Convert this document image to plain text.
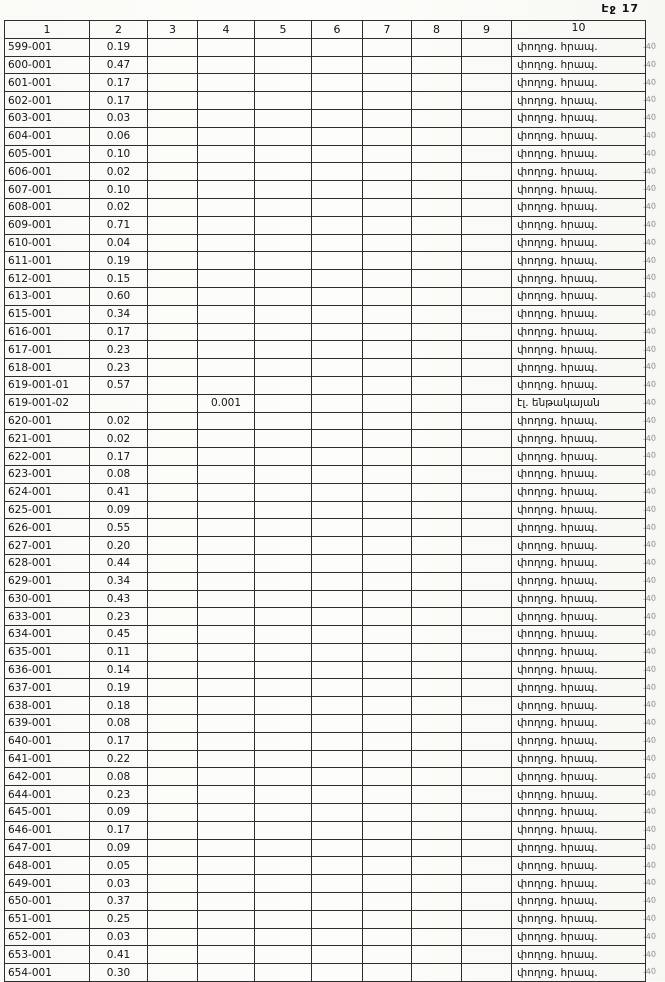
Էջ 17
1	2	3	4	5	6	7	8	9	10
599-001	0.19								փողոց. հրապ.
600-001	0.47								փողոց. հրապ.
601-001	0.17								փողոց. հրապ.
602-001	0.17								փողոց. հրապ.
603-001	0.03								փողոց. հրապ.
604-001	0.06								փողոց. հրապ.
605-001	0.10								փողոց. հրապ.
606-001	0.02								փողոց. հրապ.
607-001	0.10								փողոց. հրապ.
608-001	0.02								փողոց. հրապ.
609-001	0.71								փողոց. հրապ.
610-001	0.04								փողոց. հրապ.
611-001	0.19								փողոց. հրապ.
612-001	0.15								փողոց. հրապ.
613-001	0.60								փողոց. հրապ.
615-001	0.34								փողոց. հրապ.
616-001	0.17								փողոց. հրապ.
617-001	0.23								փողոց. հրապ.
618-001	0.23								փողոց. հրապ.
619-001-01	0.57								փողոց. հրապ.
619-001-02			0.001						էլ. ենթակայան
620-001	0.02								փողոց. հրապ.
621-001	0.02								փողոց. հրապ.
622-001	0.17								փողոց. հրապ.
623-001	0.08								փողոց. հրապ.
624-001	0.41								փողոց. հրապ.
625-001	0.09								փողոց. հրապ.
626-001	0.55								փողոց. հրապ.
627-001	0.20								փողոց. հրապ.
628-001	0.44								փողոց. հրապ.
629-001	0.34								փողոց. հրապ.
630-001	0.43								փողոց. հրապ.
633-001	0.23								փողոց. հրապ.
634-001	0.45								փողոց. հրապ.
635-001	0.11								փողոց. հրապ.
636-001	0.14								փողոց. հրապ.
637-001	0.19								փողոց. հրապ.
638-001	0.18								փողոց. հրապ.
639-001	0.08								փողոց. հրապ.
640-001	0.17								փողոց. հրապ.
641-001	0.22								փողոց. հրապ.
642-001	0.08								փողոց. հրապ.
644-001	0.23								փողոց. հրապ.
645-001	0.09								փողոց. հրապ.
646-001	0.17								փողոց. հրապ.
647-001	0.09								փողոց. հրապ.
648-001	0.05								փողոց. հրապ.
649-001	0.03								փողոց. հրապ.
650-001	0.37								փողոց. հրապ.
651-001	0.25								փողոց. հրապ.
652-001	0.03								փողոց. հրապ.
653-001	0.41								փողոց. հրապ.
654-001	0.30								փողոց. հրապ.
-40
-40
-40
-40
-40
-40
-40
-40
-40
-40
-40
-40
-40
-40
-40
-40
-40
-40
-40
-40
-40
-40
-40
-40
-40
-40
-40
-40
-40
-40
-40
-40
-40
-40
-40
-40
-40
-40
-40
-40
-40
-40
-40
-40
-40
-40
-40
-40
-40
-40
-40
-40
-40
